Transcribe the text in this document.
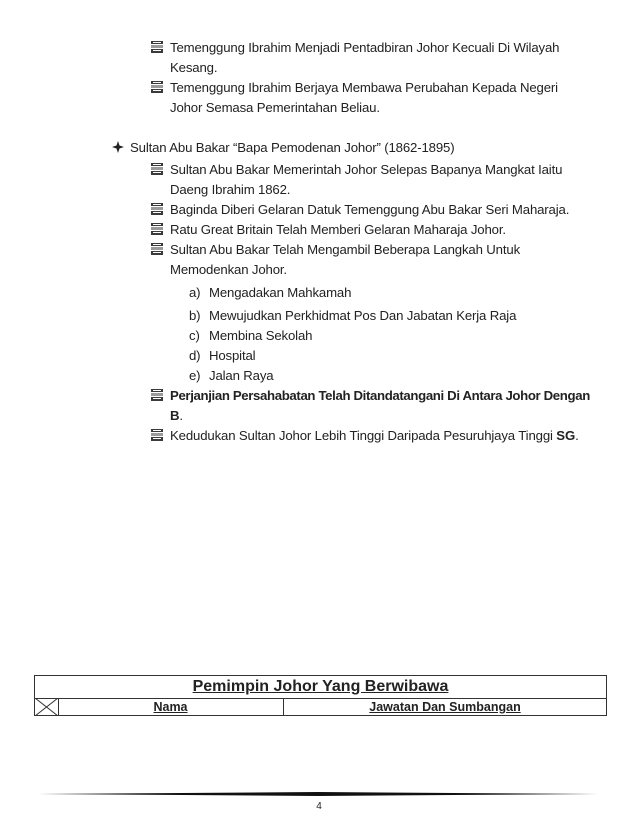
Temenggung Ibrahim Menjadi Pentadbiran Johor Kecuali Di Wilayah
Kesang.
Temenggung Ibrahim Berjaya Membawa Perubahan Kepada Negeri
Johor Semasa Pemerintahan Beliau.
Sultan Abu Bakar “Bapa Pemodenan Johor” (1862-1895)
Sultan Abu Bakar Memerintah Johor Selepas Bapanya Mangkat Iaitu
Daeng Ibrahim 1862.
Baginda Diberi Gelaran Datuk Temenggung Abu Bakar Seri Maharaja.
Ratu Great Britain Telah Memberi Gelaran Maharaja Johor.
Sultan Abu Bakar Telah Mengambil Beberapa Langkah Untuk
Memodenkan Johor.
a) Mengadakan Mahkamah
b) Mewujudkan Perkhidmat Pos Dan Jabatan Kerja Raja
c) Membina Sekolah
d) Hospital
e) Jalan Raya
Perjanjian Persahabatan Telah Ditandatangani Di Antara Johor Dengan
B.
Kedudukan Sultan Johor Lebih Tinggi Daripada Pesuruhjaya Tinggi SG.
Pemimpin Johor Yang Berwibawa
Nama	Jawatan Dan Sumbangan
4
